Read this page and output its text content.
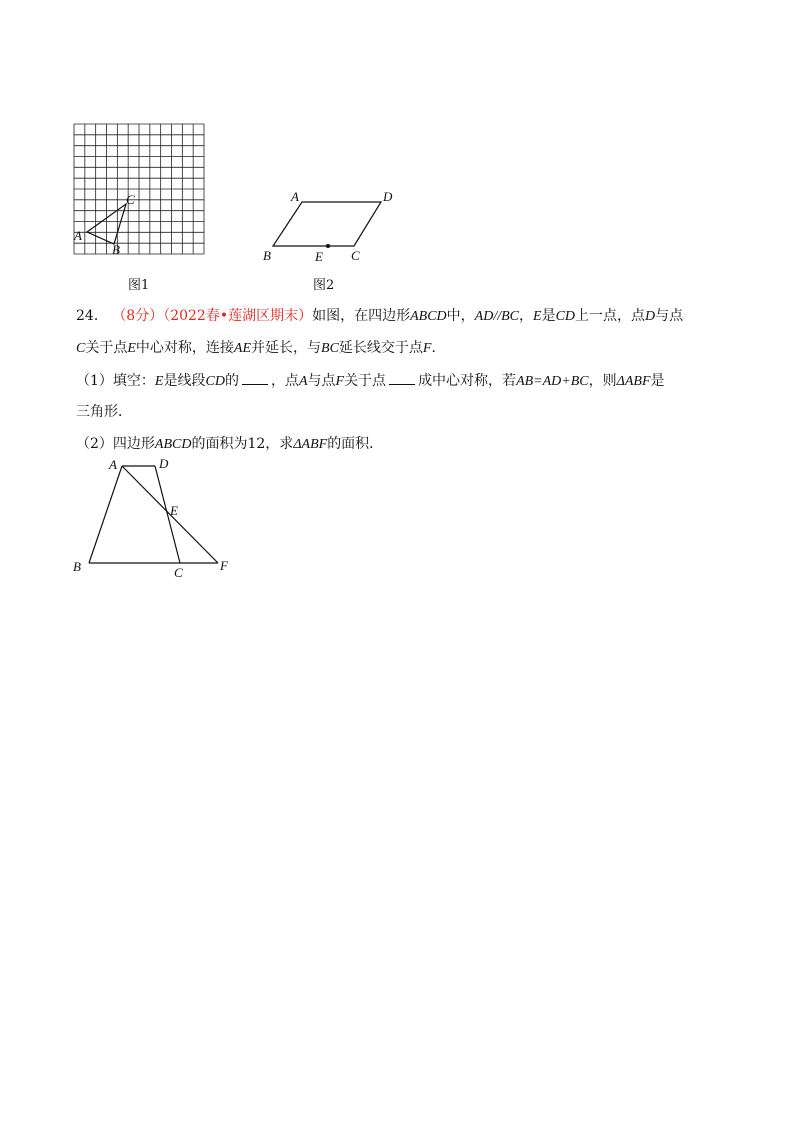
A
B
C
图1
A	D
B	E C
图2
24． （8分）（2022春•莲湖区期末）如图，在四边形ABCD中，AD//BC，E是CD上一点，点D与点
C关于点E中心对称，连接AE并延长，与BC延长线交于点F．
（1）填空：E是线段CD的 ，点A与点F关于点 成中心对称，若AB=AD+BC，则ΔABF是
三角形．
（2）四边形ABCD的面积为12，求ΔABF的面积．
A	D
E
B	C	F
